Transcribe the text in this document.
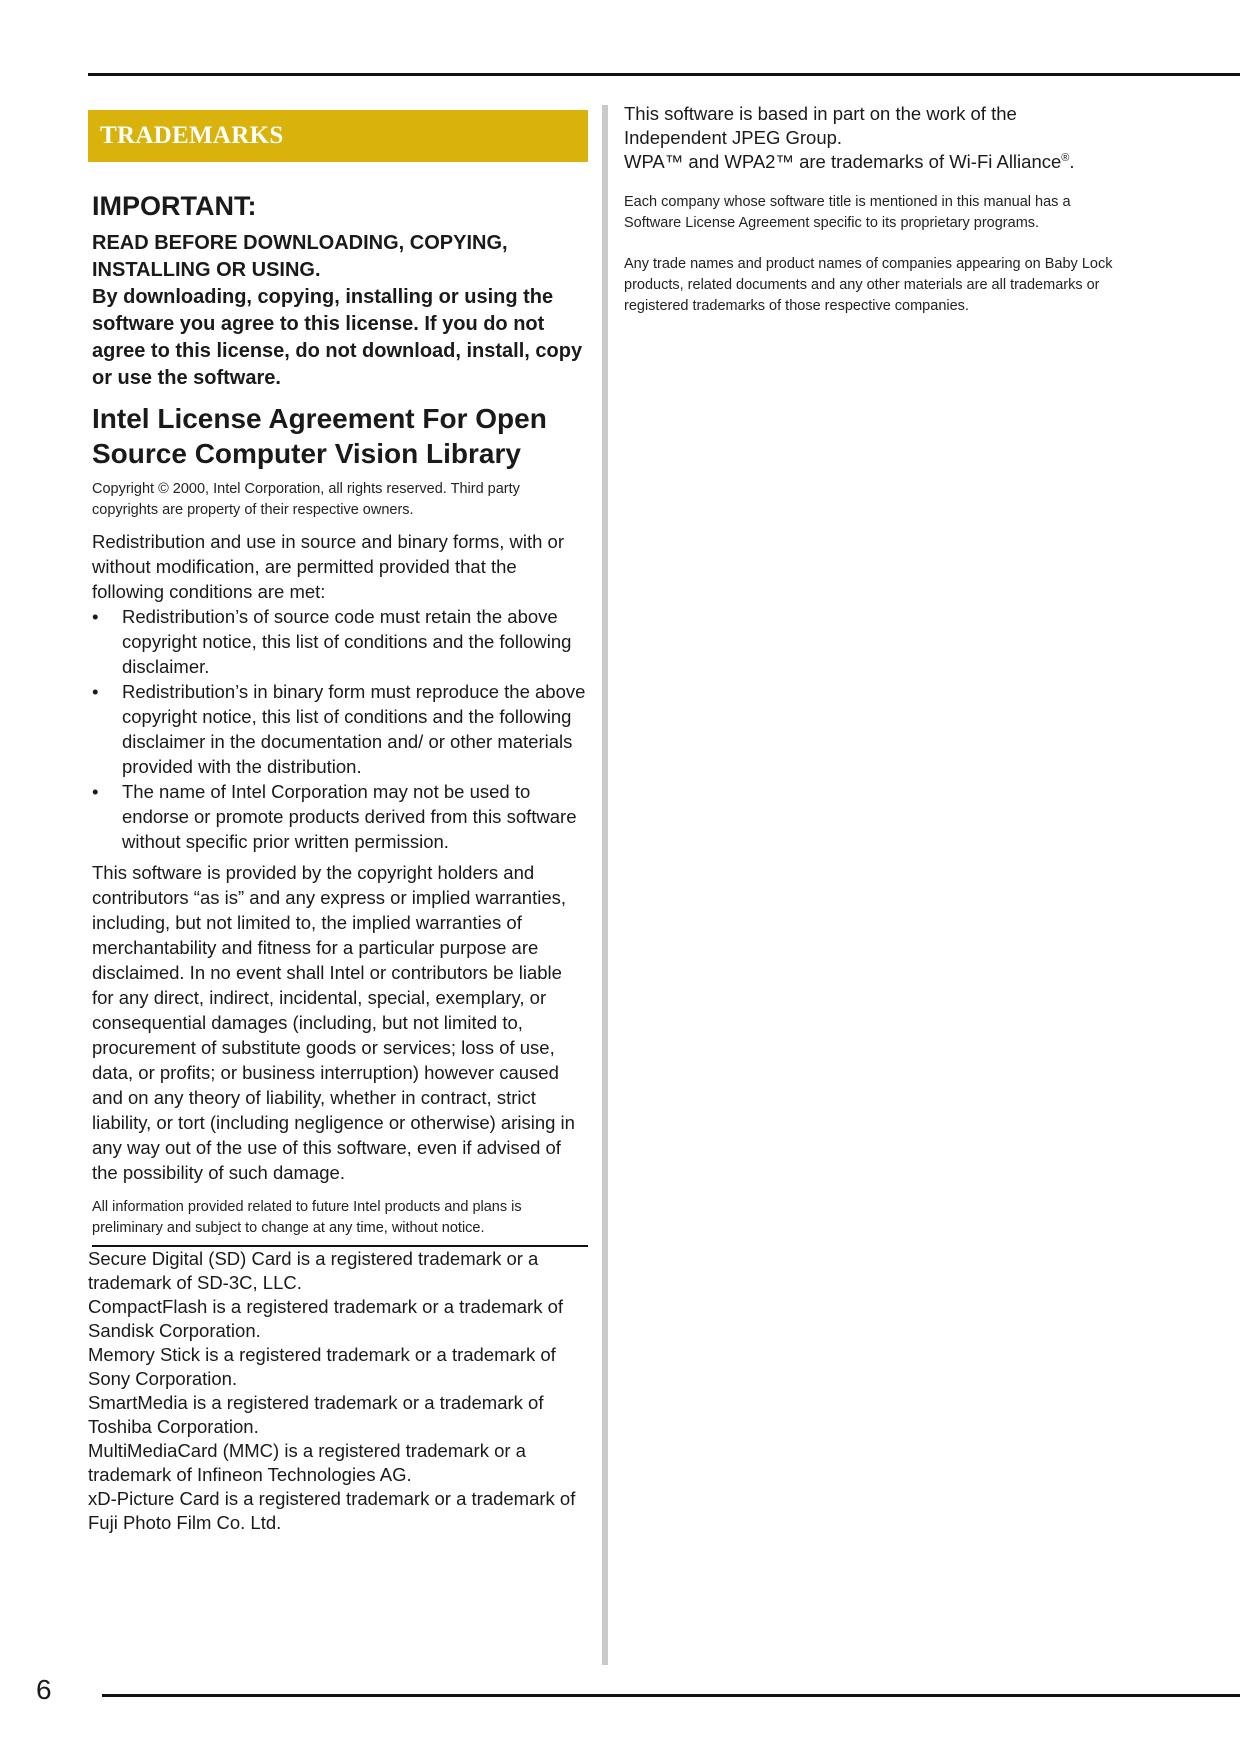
TRADEMARKS
IMPORTANT:
READ BEFORE DOWNLOADING, COPYING,
INSTALLING OR USING.
By downloading, copying, installing or using the software you agree to this license. If you do not agree to this license, do not download, install, copy or use the software.
Intel License Agreement For Open Source Computer Vision Library
Copyright © 2000, Intel Corporation, all rights reserved. Third party copyrights are property of their respective owners.
Redistribution and use in source and binary forms, with or without modification, are permitted provided that the following conditions are met:
•	Redistribution’s of source code must retain the above copyright notice, this list of conditions and the following disclaimer.
•	Redistribution’s in binary form must reproduce the above copyright notice, this list of conditions and the following disclaimer in the documentation and/ or other materials provided with the distribution.
•	The name of Intel Corporation may not be used to endorse or promote products derived from this software without specific prior written permission.
This software is provided by the copyright holders and contributors “as is” and any express or implied warranties, including, but not limited to, the implied warranties of merchantability and fitness for a particular purpose are disclaimed. In no event shall Intel or contributors be liable for any direct, indirect, incidental, special, exemplary, or consequential damages (including, but not limited to, procurement of substitute goods or services; loss of use, data, or profits; or business interruption) however caused and on any theory of liability, whether in contract, strict liability, or tort (including negligence or otherwise) arising in any way out of the use of this software, even if advised of the possibility of such damage.
All information provided related to future Intel products and plans is preliminary and subject to change at any time, without notice.

Secure Digital (SD) Card is a registered trademark or a trademark of SD-3C, LLC.

CompactFlash is a registered trademark or a trademark of Sandisk Corporation.

Memory Stick is a registered trademark or a trademark of Sony Corporation.

SmartMedia is a registered trademark or a trademark of Toshiba Corporation.

MultiMediaCard (MMC) is a registered trademark or a trademark of Infineon Technologies AG.

xD-Picture Card is a registered trademark or a trademark of Fuji Photo Film Co. Ltd.

This software is based in part on the work of the

Independent JPEG Group.

WPA™ and WPA2™ are trademarks of Wi-Fi Alliance®.

Each company whose software title is mentioned in this manual has a Software License Agreement specific to its proprietary programs.
Any trade names and product names of companies appearing on Baby Lock products, related documents and any other materials are all trademarks or registered trademarks of those respective companies.
6
